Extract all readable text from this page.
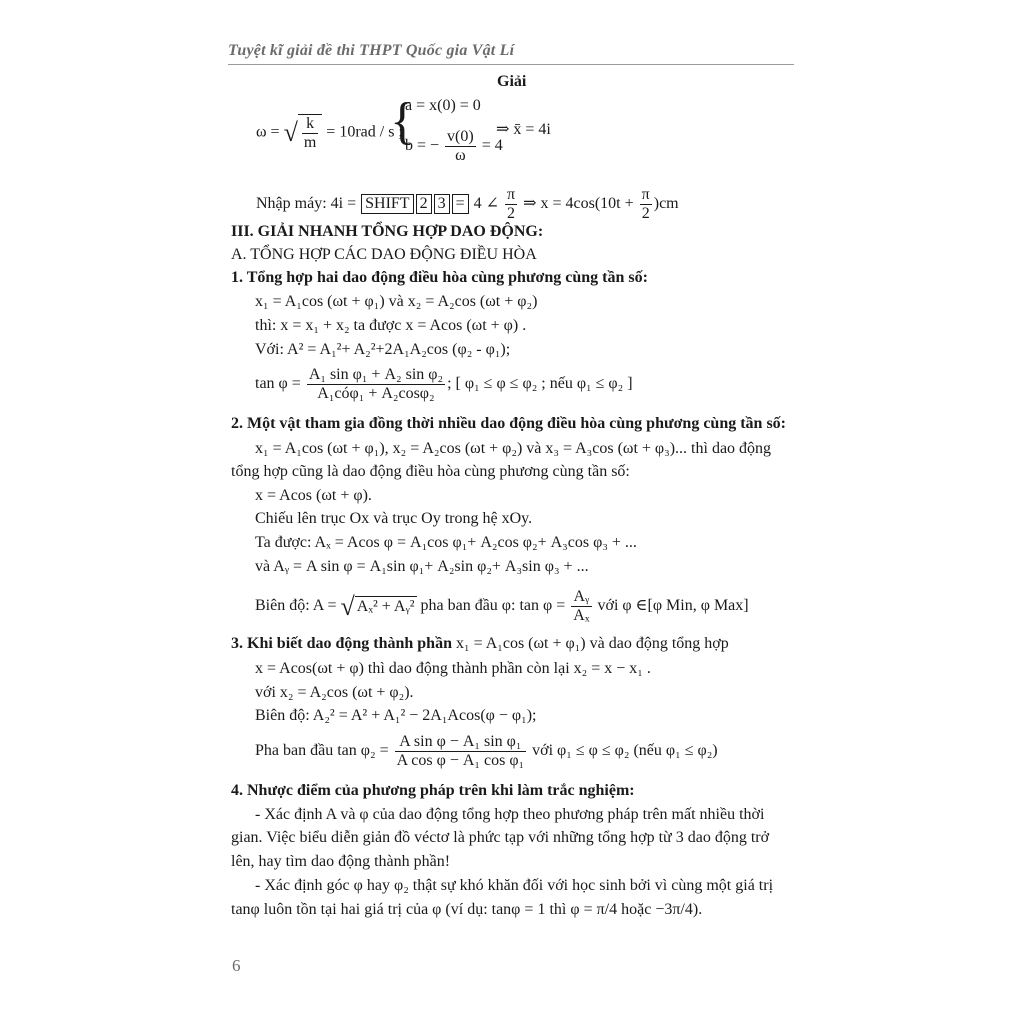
Tuyệt kĩ giải đề thi THPT Quốc gia Vật Lí
Giải
ω = √ $\frac{k}{m} = 10rad / s$ ;
{
a = x(0) = 0
b = − $\frac{v(0)}{\omega} = 4$
⇒ x̄ = 4i
Nhập máy: 4i = SHIFT 2 3 = 4 ∠ $\frac{\pi}{2}$ ⇒ $x = 4\cos(10t + \frac{\pi}{2} )cm$
III. GIẢI NHANH TỔNG HỢP DAO ĐỘNG:
A. TỔNG HỢP CÁC DAO ĐỘNG ĐIỀU HÒA
1. Tổng hợp hai dao động điều hòa cùng phương cùng tần số:
x₁ = A₁cos (ωt + φ₁) và x₂ = A₂cos (ωt + φ₂)
thì: x = x₁ + x₂ ta được x = Acos (ωt + φ) .
Với: A² = A₁²+ A₂²+2A₁A₂cos (φ₂ - φ₁);
$\tan \varphi = \frac{\text{A₁ sin φ₁ + A₂ sin φ₂}}{\text{A₁cóφ₁ + A₂cosφ₂}}$ ; [ φ₁ ≤ φ ≤ φ₂ ; nếu φ₁ ≤ φ₂ ]
2. Một vật tham gia đồng thời nhiều dao động điều hòa cùng phương cùng tần số:
x₁ = A₁cos (ωt + φ₁), x₂ = A₂cos (ωt + φ₂) và x₃ = A₃cos (ωt + φ₃)... thì dao động
tổng hợp cũng là dao động điều hòa cùng phương cùng tần số:
x = Acos (ωt + φ).
Chiếu lên trục Ox và trục Oy trong hệ xOy.
Ta được: Aₓ = Acos φ = A₁cos φ₁+ A₂cos φ₂+ A₃cos φ₃ + ...
và Aᵧ = A sin φ = A₁sin φ₁+ A₂sin φ₂+ A₃sin φ₃ + ...
Biên độ: A = √ Aₓ² + Aᵧ² pha ban đầu φ: $\tan \varphi = \frac{\text{Aᵧ}}{\text{Aₓ}}$ với φ ∈[φ Min, φ Max]
3. Khi biết dao động thành phần x₁ = A₁cos (ωt + φ₁) và dao động tổng hợp
x = Acos(ωt + φ) thì dao động thành phần còn lại x₂ = x − x₁ .
với x₂ = A₂cos (ωt + φ₂).
Biên độ: A₂² = A² + A₁² − 2A₁Acos(φ − φ₁);
Pha ban đầu $\tan \varphi_2 = \frac{\text{A sin φ − A₁ sin φ₁}}{\text{A cos φ − A₁ cos φ₁}}$ với φ₁ ≤ φ ≤ φ₂ (nếu φ₁ ≤ φ₂)
4. Nhược điểm của phương pháp trên khi làm trắc nghiệm:
- Xác định A và φ của dao động tổng hợp theo phương pháp trên mất nhiều thời
gian. Việc biểu diễn giản đồ véctơ là phức tạp với những tổng hợp từ 3 dao động trở
lên, hay tìm dao động thành phần!
- Xác định góc φ hay φ₂ thật sự khó khăn đối với học sinh bởi vì cùng một giá trị
tanφ luôn tồn tại hai giá trị của φ (ví dụ: tanφ = 1 thì φ = π/4 hoặc −3π/4).
6
